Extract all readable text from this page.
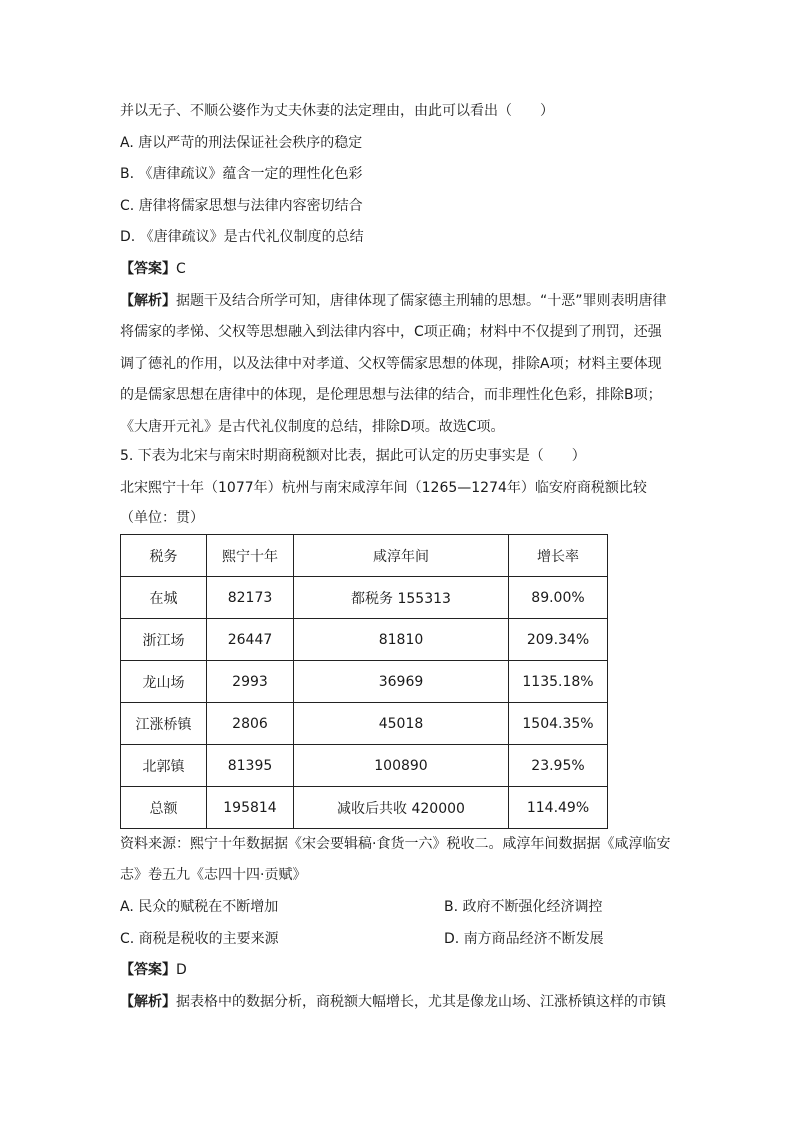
并以无子、不顺公婆作为丈夫休妻的法定理由，由此可以看出（　　）
A. 唐以严苛的刑法保证社会秩序的稳定
B. 《唐律疏议》蕴含一定的理性化色彩
C. 唐律将儒家思想与法律内容密切结合
D. 《唐律疏议》是古代礼仪制度的总结
【答案】C
【解析】据题干及结合所学可知，唐律体现了儒家德主刑辅的思想。“十恶”罪则表明唐律
将儒家的孝悌、父权等思想融入到法律内容中，C项正确；材料中不仅提到了刑罚，还强
调了德礼的作用，以及法律中对孝道、父权等儒家思想的体现，排除A项；材料主要体现
的是儒家思想在唐律中的体现，是伦理思想与法律的结合，而非理性化色彩，排除B项；
《大唐开元礼》是古代礼仪制度的总结，排除D项。故选C项。
5. 下表为北宋与南宋时期商税额对比表，据此可认定的历史事实是（　　）
北宋熙宁十年（1077年）杭州与南宋咸淳年间（1265—1274年）临安府商税额比较
（单位：贯）
税务	熙宁十年	咸淳年间	增长率
在城	82173	都税务 155313	89.00%
浙江场	26447	81810	209.34%
龙山场	2993	36969	1135.18%
江涨桥镇	2806	45018	1504.35%
北郭镇	81395	100890	23.95%
总额	195814	减收后共收 420000	114.49%
资料来源：熙宁十年数据据《宋会要辑稿·食货一六》税收二。咸淳年间数据据《咸淳临安
志》卷五九《志四十四·贡赋》
A. 民众的赋税在不断增加	B. 政府不断强化经济调控
C. 商税是税收的主要来源	D. 南方商品经济不断发展
【答案】D
【解析】据表格中的数据分析，商税额大幅增长，尤其是像龙山场、江涨桥镇这样的市镇
